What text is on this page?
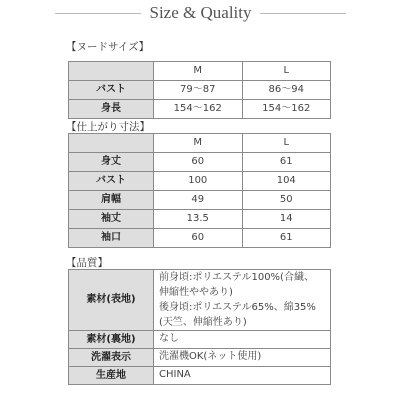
Size & Quality
【ヌードサイズ】
	M	L
バスト	79〜87	86〜94
身長	154〜162	154〜162
【仕上がり寸法】
	M	L
身丈	60	61
バスト	100	104
肩幅	49	50
袖丈	13.5	14
袖口	60	61
【品質】
素材(表地)	前身頃:ポリエステル100%(合繊、
伸縮性ややあり)
後身頃:ポリエステル65%、綿35%
(天竺、伸縮性あり)

素材(裏地)	なし
洗濯表示	洗濯機OK(ネット使用)
生産地	CHINA
